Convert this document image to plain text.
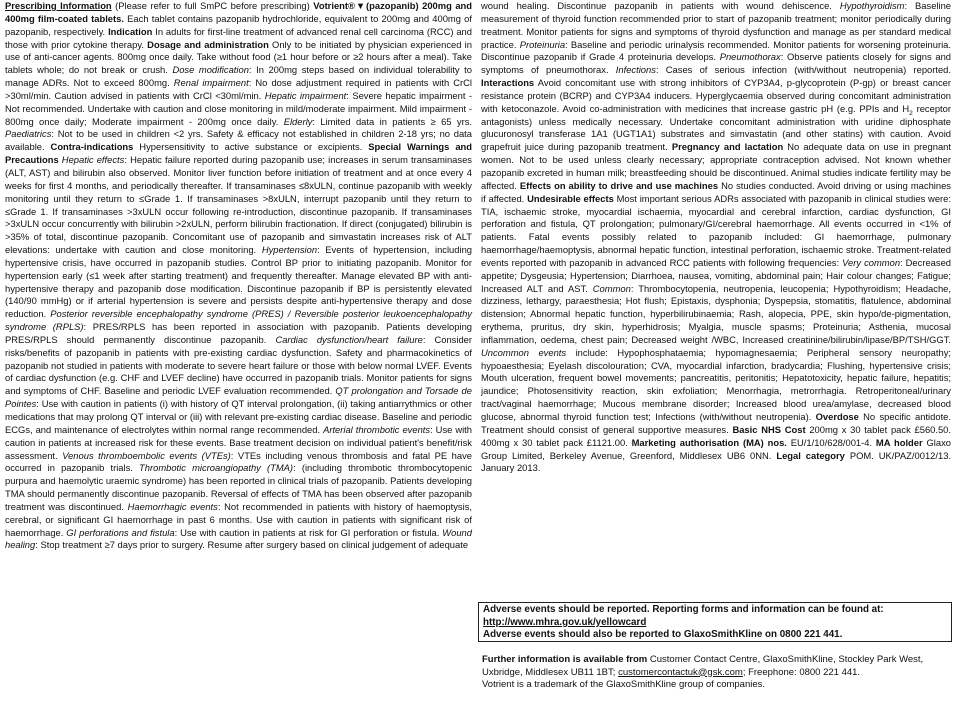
Prescribing Information (Please refer to full SmPC before prescribing) Votrient®▼(pazopanib) 200mg and 400mg film-coated tablets. Each tablet contains pazopanib hydrochloride, equivalent to 200mg and 400mg of pazopanib, respectively. Indication In adults for first-line treatment of advanced renal cell carcinoma (RCC) and those with prior cytokine therapy. Dosage and administration Only to be initiated by physician experienced in use of anti-cancer agents. 800mg once daily. Take without food (≥1 hour before or ≥2 hours after a meal). Take tablets whole; do not break or crush. Dose modification: In 200mg steps based on individual tolerability to manage ADRs. Not to exceed 800mg. Renal impairment: No dose adjustment required in patients with CrCl >30ml/min. Caution advised in patients with CrCl <30ml/min. Hepatic impairment: Severe hepatic impairment - Not recommended. Undertake with caution and close monitoring in mild/moderate impairment. Mild impairment - 800mg once daily; Moderate impairment - 200mg once daily. Elderly: Limited data in patients ≥ 65 yrs. Paediatrics: Not to be used in children <2 yrs. Safety & efficacy not established in children 2-18 yrs; no data available. Contra-indications Hypersensitivity to active substance or excipients. Special Warnings and Precautions Hepatic effects: Hepatic failure reported during pazopanib use; increases in serum transaminases (ALT, AST) and bilirubin also observed. Monitor liver function before initiation of treatment and at once every 4 weeks for first 4 months, and periodically thereafter. If transaminases ≤8xULN, continue pazopanib with weekly monitoring until they return to ≤Grade 1. If transaminases >8xULN, interrupt pazopanib until they return to ≤Grade 1. If transaminases >3xULN occur following re-introduction, discontinue pazopanib. If transaminases >3xULN occur concurrently with bilirubin >2xULN, perform bilirubin fractionation. If direct (conjugated) bilirubin is >35% of total, discontinue pazopanib. Concomitant use of pazopanib and simvastatin increases risk of ALT elevations: undertake with caution and close monitoring. Hypertension: Events of hypertension, including hypertensive crisis, have occurred in pazopanib studies. Control BP prior to initiating pazopanib. Monitor for hypertension early (≤1 week after starting treatment) and frequently thereafter. Manage elevated BP with anti-hypertensive therapy and pazopanib dose modification. Discontinue pazopanib if BP is persistently elevated (140/90 mmHg) or if arterial hypertension is severe and persists despite anti-hypertensive therapy and dose reduction. Posterior reversible encephalopathy syndrome (PRES) / Reversible posterior leukoencephalopathy syndrome (RPLS): PRES/RPLS has been reported in association with pazopanib. Patients developing PRES/RPLS should permanently discontinue pazopanib. Cardiac dysfunction/heart failure: Consider risks/benefits of pazopanib in patients with pre-existing cardiac dysfunction. Safety and pharmacokinetics of pazopanib not studied in patients with moderate to severe heart failure or those with below normal LVEF. Events of cardiac dysfunction (e.g. CHF and LVEF decline) have occurred in pazopanib trials. Monitor patients for signs and symptoms of CHF. Baseline and periodic LVEF evaluation recommended. QT prolongation and Torsade de Pointes: Use with caution in patients (i) with history of QT interval prolongation, (ii) taking antiarrythmics or other medications that may prolong QT interval or (iii) with relevant pre-existing cardiac disease. Baseline and periodic ECGs, and maintenance of electrolytes within normal range recommended. Arterial thrombotic events: Use with caution in patients at increased risk for these events. Base treatment decision on individual patient's benefit/risk assessment. Venous thromboembolic events (VTEs): VTEs including venous thrombosis and fatal PE have occurred in pazopanib trials. Thrombotic microangiopathy (TMA): (including thrombotic thrombocytopenic purpura and haemolytic uraemic syndrome) has been reported in clinical trials of pazopanib. Patients developing TMA should permanently discontinue pazopanib. Reversal of effects of TMA has been observed after pazopanib treatment was discontinued. Haemorrhagic events: Not recommended in patients with history of haemoptysis, cerebral, or significant GI haemorrhage in past 6 months. Use with caution in patients with significant risk of haemorrhage. GI perforations and fistula: Use with caution in patients at risk for GI perforation or fistula. Wound healing: Stop treatment ≥7 days prior to surgery. Resume after surgery based on clinical judgement of adequate

wound healing. Discontinue pazopanib in patients with wound dehiscence. Hypothyroidism: Baseline measurement of thyroid function recommended prior to start of pazopanib treatment; monitor periodically during treatment. Monitor patients for signs and symptoms of thyroid dysfunction and manage as per standard medical practice. Proteinuria: Baseline and periodic urinalysis recommended. Monitor patients for worsening proteinuria. Discontinue pazopanib if Grade 4 proteinuria develops. Pneumothorax: Observe patients closely for signs and symptoms of pneumothorax. Infections: Cases of serious infection (with/without neutropenia) reported. Interactions Avoid concomitant use with strong inhibitors of CYP3A4, p-glycoprotein (P-gp) or breast cancer resistance protein (BCRP) and CYP3A4 inducers. Hyperglycaemia observed during concomitant administration with ketoconazole. Avoid co-administration with medicines that increase gastric pH (e.g. PPIs and $H_2$ receptor antagonists) unless medically necessary. Undertake concomitant administration with uridine diphosphate glucuronosyl transferase 1A1 (UGT1A1) substrates and simvastatin (and other statins) with caution. Avoid grapefruit juice during pazopanib treatment. Pregnancy and lactation No adequate data on use in pregnant women. Not to be used unless clearly necessary; appropriate contraception advised. Not known whether pazopanib excreted in human milk; breastfeeding should be discontinued. Animal studies indicate fertility may be affected. Effects on ability to drive and use machines No studies conducted. Avoid driving or using machines if affected. Undesirable effects Most important serious ADRs associated with pazopanib in clinical studies were: TIA, ischaemic stroke, myocardial ischaemia, myocardial and cerebral infarction, cardiac dysfunction, GI perforation and fistula, QT prolongation; pulmonary/GI/cerebral haemorrhage. All events occurred in <1% of patients. Fatal events possibly related to pazopanib included: GI haemorrhage, pulmonary haemorrhage/haemoptysis, abnormal hepatic function, intestinal perforation, ischaemic stroke. Treatment-related events reported with pazopanib in advanced RCC patients with following frequencies: Very common: Decreased appetite; Dysgeusia; Hypertension; Diarrhoea, nausea, vomiting, abdominal pain; Hair colour changes; Fatigue; Increased ALT and AST. Common: Thrombocytopenia, neutropenia, leucopenia; Hypothyroidism; Headache, dizziness, lethargy, paraesthesia; Hot flush; Epistaxis, dysphonia; Dyspepsia, stomatitis, flatulence, abdominal distension; Abnormal hepatic function, hyperbilirubinaemia; Rash, alopecia, PPE, skin hypo/de-pigmentation, erythema, pruritus, dry skin, hyperhidrosis; Myalgia, muscle spasms; Proteinuria; Asthenia, mucosal inflammation, oedema, chest pain; Decreased weight /WBC, Increased creatinine/bilirubin/lipase/BP/TSH/GGT. Uncommon events include: Hypophosphataemia; hypomagnesaemia; Peripheral sensory neuropathy; hypoaesthesia; Eyelash discolouration; CVA, myocardial infarction, bradycardia; Flushing, hypertensive crisis; Mouth ulceration, frequent bowel movements; pancreatitis, peritonitis; Hepatotoxicity, hepatic failure, hepatitis; jaundice; Photosensitivity reaction, skin exfoliation; Menorrhagia, metrorrhagia. Retroperitoneal/urinary tract/vaginal haemorrhage; Mucous membrane disorder; Increased blood urea/amylase, decreased blood glucose, abnormal thyroid function test; Infections (with/without neutropenia). Overdose No specific antidote. Treatment should consist of general supportive measures. Basic NHS Cost 200mg x 30 tablet pack £560.50. 400mg x 30 tablet pack £1121.00. Marketing authorisation (MA) nos. EU/1/10/628/001-4. MA holder Glaxo Group Limited, Berkeley Avenue, Greenford, Middlesex UB6 0NN. Legal category POM. UK/PAZ/0012/13. January 2013.

Adverse events should be reported. Reporting forms and information can be found at:
http://www.mhra.gov.uk/yellowcard
Adverse events should also be reported to GlaxoSmithKline on 0800 221 441.
Further information is available from Customer Contact Centre, GlaxoSmithKline, Stockley Park West, Uxbridge, Middlesex UB11 1BT; customercontactuk@gsk.com; Freephone: 0800 221 441.
Votrient is a trademark of the GlaxoSmithKline group of companies.
